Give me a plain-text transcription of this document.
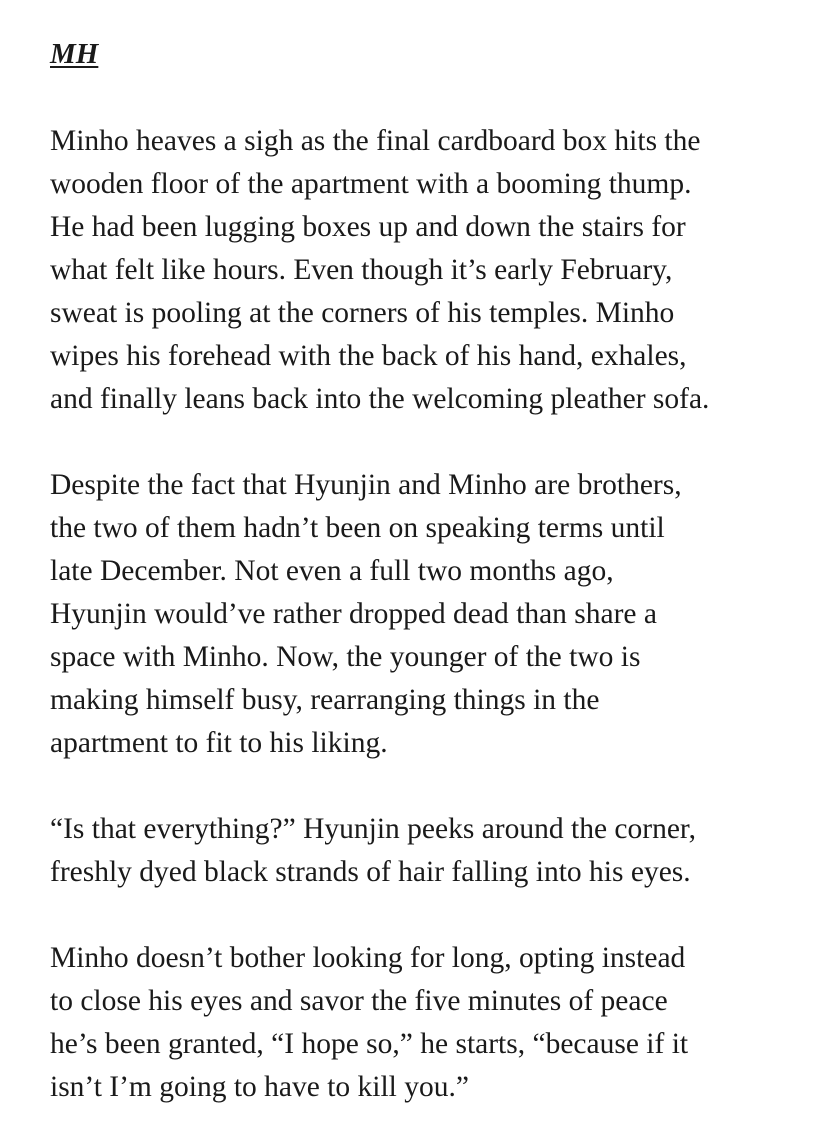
MH

Minho heaves a sigh as the final cardboard box hits the
wooden floor of the apartment with a booming thump.
He had been lugging boxes up and down the stairs for
what felt like hours. Even though it’s early February,
sweat is pooling at the corners of his temples. Minho
wipes his forehead with the back of his hand, exhales,
and finally leans back into the welcoming pleather sofa.

Despite the fact that Hyunjin and Minho are brothers,
the two of them hadn’t been on speaking terms until
late December. Not even a full two months ago,
Hyunjin would’ve rather dropped dead than share a
space with Minho. Now, the younger of the two is
making himself busy, rearranging things in the
apartment to fit to his liking.

“Is that everything?” Hyunjin peeks around the corner,
freshly dyed black strands of hair falling into his eyes.

Minho doesn’t bother looking for long, opting instead
to close his eyes and savor the five minutes of peace
he’s been granted, “I hope so,” he starts, “because if it
isn’t I’m going to have to kill you.”
